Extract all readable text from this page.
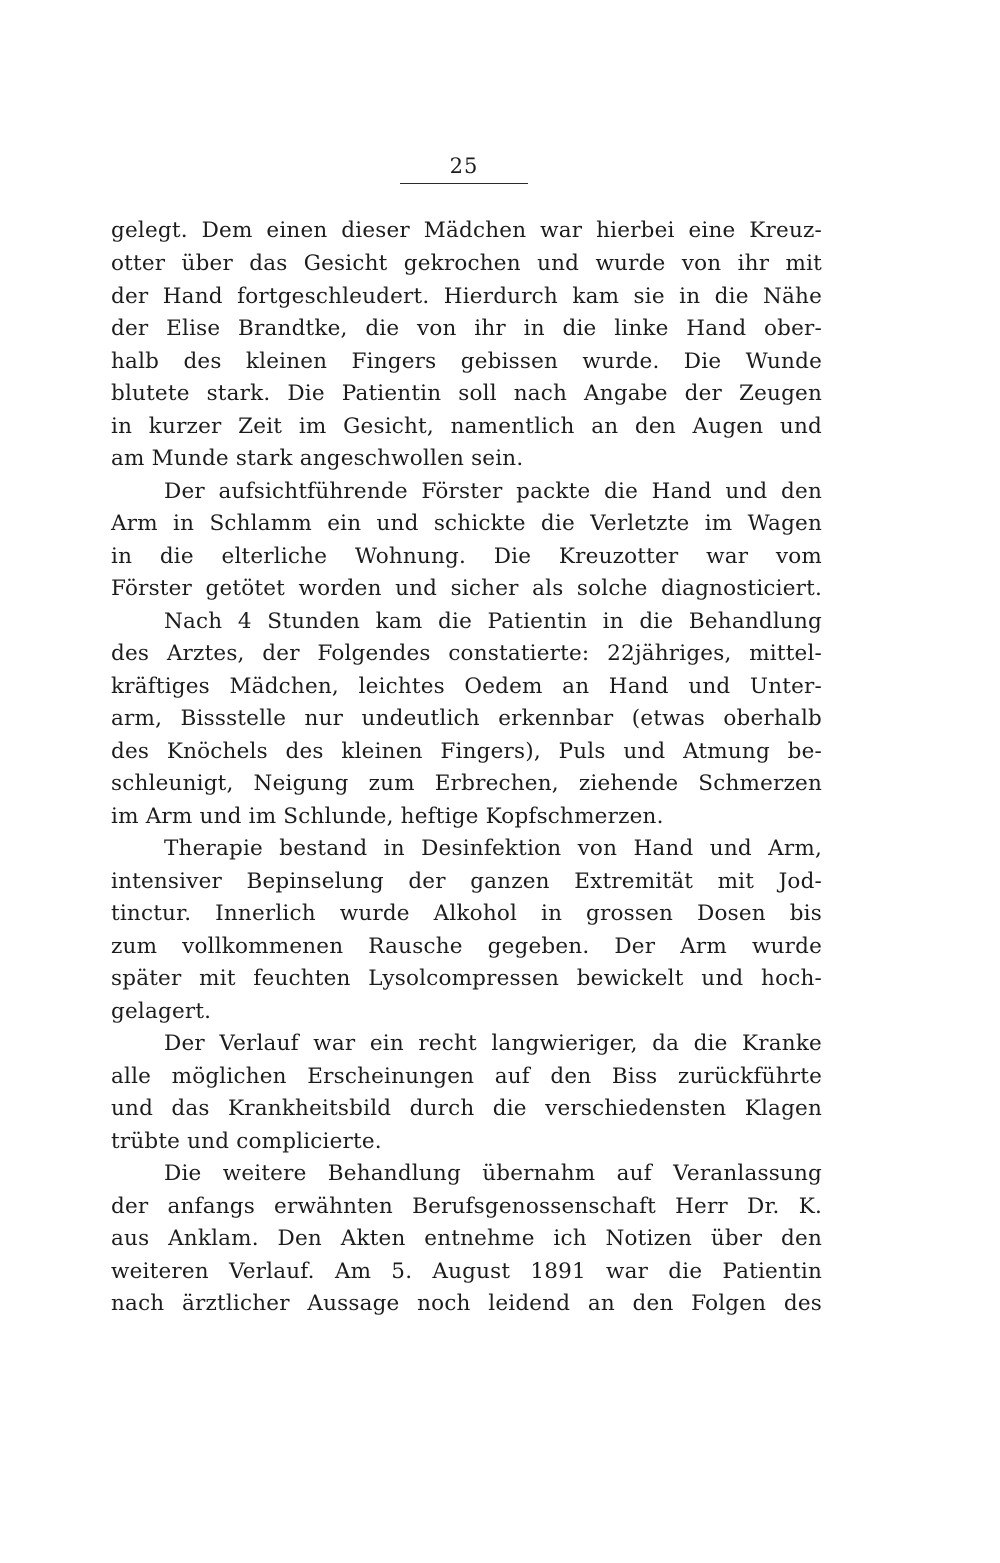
25
gelegt. Dem einen dieser Mädchen war hierbei eine Kreuz-
otter über das Gesicht gekrochen und wurde von ihr mit
der Hand fortgeschleudert. Hierdurch kam sie in die Nähe
der Elise Brandtke, die von ihr in die linke Hand ober-
halb des kleinen Fingers gebissen wurde. Die Wunde
blutete stark. Die Patientin soll nach Angabe der Zeugen
in kurzer Zeit im Gesicht, namentlich an den Augen und
am Munde stark angeschwollen sein.
Der aufsichtführende Förster packte die Hand und den
Arm in Schlamm ein und schickte die Verletzte im Wagen
in die elterliche Wohnung. Die Kreuzotter war vom
Förster getötet worden und sicher als solche diagnosticiert.
Nach 4 Stunden kam die Patientin in die Behandlung
des Arztes, der Folgendes constatierte: 22jähriges, mittel-
kräftiges Mädchen, leichtes Oedem an Hand und Unter-
arm, Bissstelle nur undeutlich erkennbar (etwas oberhalb
des Knöchels des kleinen Fingers), Puls und Atmung be-
schleunigt, Neigung zum Erbrechen, ziehende Schmerzen
im Arm und im Schlunde, heftige Kopfschmerzen.
Therapie bestand in Desinfektion von Hand und Arm,
intensiver Bepinselung der ganzen Extremität mit Jod-
tinctur. Innerlich wurde Alkohol in grossen Dosen bis
zum vollkommenen Rausche gegeben. Der Arm wurde
später mit feuchten Lysolcompressen bewickelt und hoch-
gelagert.
Der Verlauf war ein recht langwieriger, da die Kranke
alle möglichen Erscheinungen auf den Biss zurückführte
und das Krankheitsbild durch die verschiedensten Klagen
trübte und complicierte.
Die weitere Behandlung übernahm auf Veranlassung
der anfangs erwähnten Berufsgenossenschaft Herr Dr. K.
aus Anklam. Den Akten entnehme ich Notizen über den
weiteren Verlauf. Am 5. August 1891 war die Patientin
nach ärztlicher Aussage noch leidend an den Folgen des
